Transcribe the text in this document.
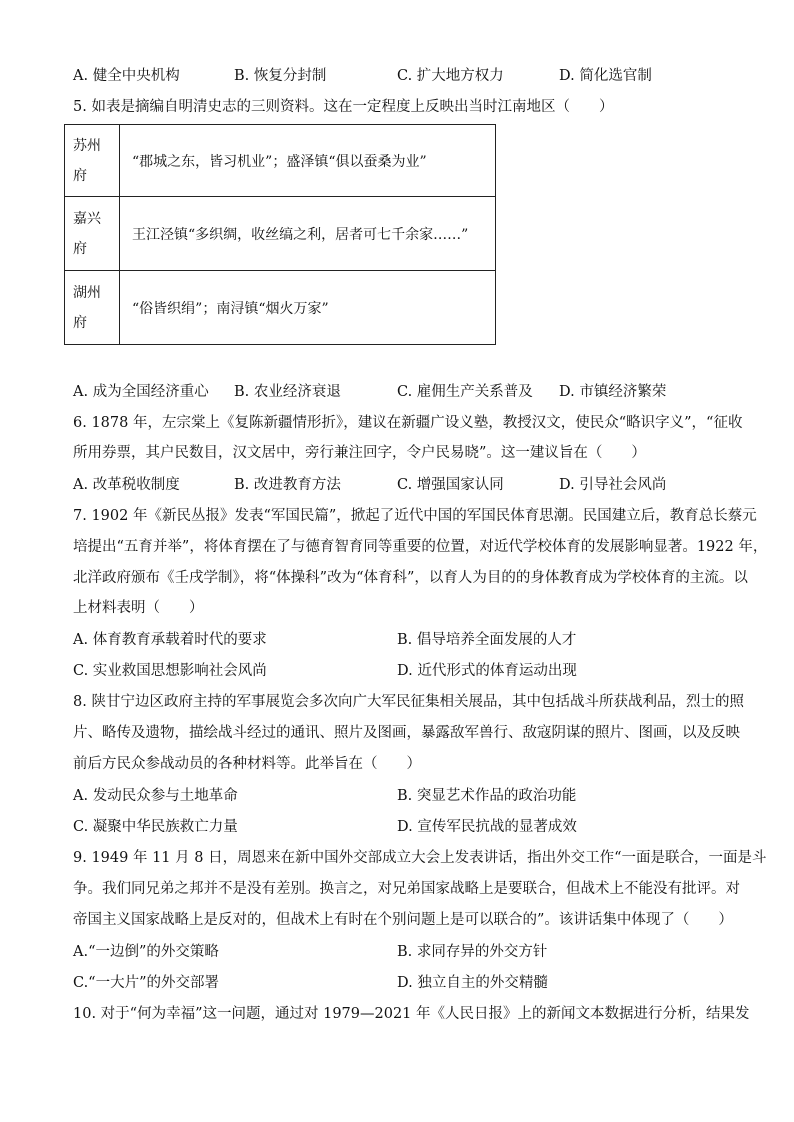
A. 健全中央机构	B. 恢复分封制	C. 扩大地方权力	D. 简化选官制
5. 如表是摘编自明清史志的三则资料。这在一定程度上反映出当时江南地区（　　）
苏州
府	“郡城之东，皆习机业”；盛泽镇“俱以蚕桑为业”

嘉兴
府	王江泾镇“多织绸，收丝缟之利，居者可七千余家……”

湖州
府	“俗皆织绢”；南浔镇“烟火万家”
A. 成为全国经济重心 B. 农业经济衰退	C. 雇佣生产关系普及 D. 市镇经济繁荣
6. 1878 年，左宗棠上《复陈新疆情形折》，建议在新疆广设义塾，教授汉文，使民众“略识字义”，“征收
所用券票，其户民数目，汉文居中，旁行兼注回字，令户民易晓”。这一建议旨在（　　）
A. 改革税收制度	B. 改进教育方法	C. 增强国家认同	D. 引导社会风尚
7. 1902 年《新民丛报》发表“军国民篇”，掀起了近代中国的军国民体育思潮。民国建立后，教育总长蔡元
培提出“五育并举”，将体育摆在了与德育智育同等重要的位置，对近代学校体育的发展影响显著。1922 年，
北洋政府颁布《壬戌学制》，将“体操科”改为“体育科”，以育人为目的的身体教育成为学校体育的主流。以
上材料表明（　　）
A. 体育教育承载着时代的要求	B. 倡导培养全面发展的人才
C. 实业救国思想影响社会风尚	D. 近代形式的体育运动出现
8. 陕甘宁边区政府主持的军事展览会多次向广大军民征集相关展品，其中包括战斗所获战利品，烈士的照
片、略传及遗物，描绘战斗经过的通讯、照片及图画，暴露敌军兽行、敌寇阴谋的照片、图画，以及反映
前后方民众参战动员的各种材料等。此举旨在（　　）
A. 发动民众参与土地革命	B. 突显艺术作品的政治功能
C. 凝聚中华民族救亡力量	D. 宣传军民抗战的显著成效
9. 1949 年 11 月 8 日，周恩来在新中国外交部成立大会上发表讲话，指出外交工作“一面是联合，一面是斗
争。我们同兄弟之邦并不是没有差别。换言之，对兄弟国家战略上是要联合，但战术上不能没有批评。对
帝国主义国家战略上是反对的，但战术上有时在个别问题上是可以联合的”。该讲话集中体现了（　　）
A.“一边倒”的外交策略	B. 求同存异的外交方针
C.“一大片”的外交部署	D. 独立自主的外交精髓
10. 对于“何为幸福”这一问题，通过对 1979—2021 年《人民日报》上的新闻文本数据进行分析，结果发
